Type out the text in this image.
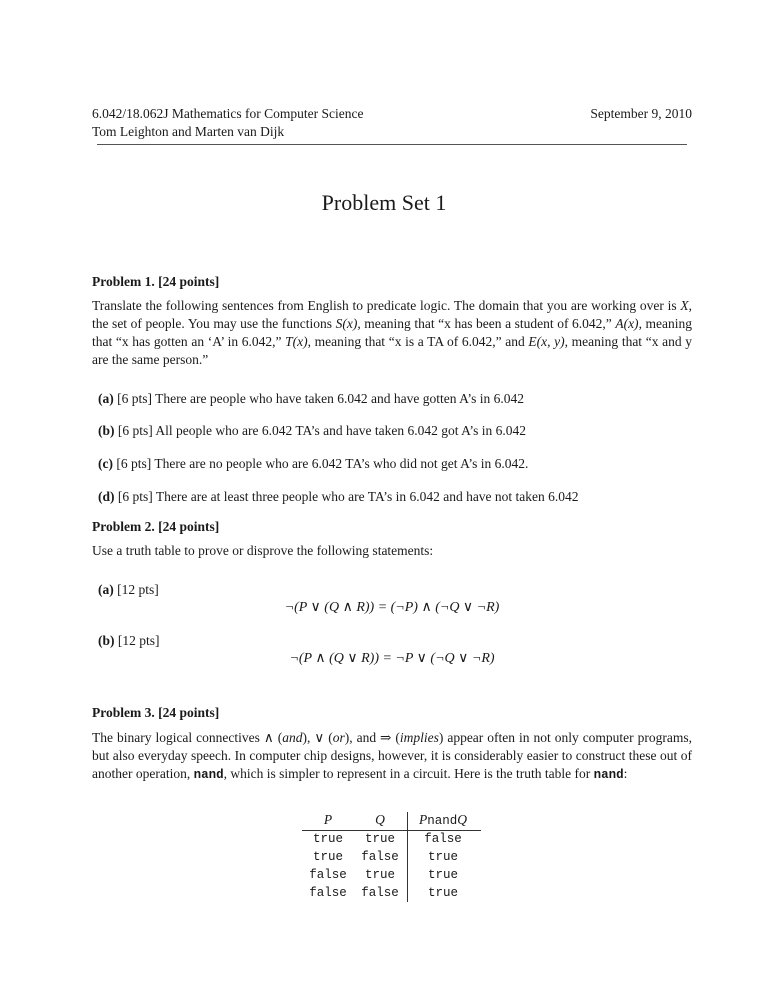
6.042/18.062J Mathematics for Computer Science
Tom Leighton and Marten van Dijk
September 9, 2010
Problem Set 1
Problem 1. [24 points]
Translate the following sentences from English to predicate logic. The domain that you are working over is X, the set of people. You may use the functions S(x), meaning that “x has been a student of 6.042,” A(x), meaning that “x has gotten an ‘A’ in 6.042,” T(x), meaning that “x is a TA of 6.042,” and E(x, y), meaning that “x and y are the same person.”
(a) [6 pts] There are people who have taken 6.042 and have gotten A’s in 6.042
(b) [6 pts] All people who are 6.042 TA’s and have taken 6.042 got A’s in 6.042
(c) [6 pts] There are no people who are 6.042 TA’s who did not get A’s in 6.042.
(d) [6 pts] There are at least three people who are TA’s in 6.042 and have not taken 6.042
Problem 2. [24 points]
Use a truth table to prove or disprove the following statements:
(a) [12 pts]
¬(P ∨ (Q ∧ R)) = (¬P) ∧ (¬Q ∨ ¬R)
(b) [12 pts]
¬(P ∧ (Q ∨ R)) = ¬P ∨ (¬Q ∨ ¬R)
Problem 3. [24 points]
The binary logical connectives ∧ (and), ∨ (or), and ⇒ (implies) appear often in not only computer programs, but also everyday speech. In computer chip designs, however, it is considerably easier to construct these out of another operation, nand, which is simpler to represent in a circuit. Here is the truth table for nand:
P	Q	PnandQ
true	true	false
true	false	true
false	true	true
false	false	true
